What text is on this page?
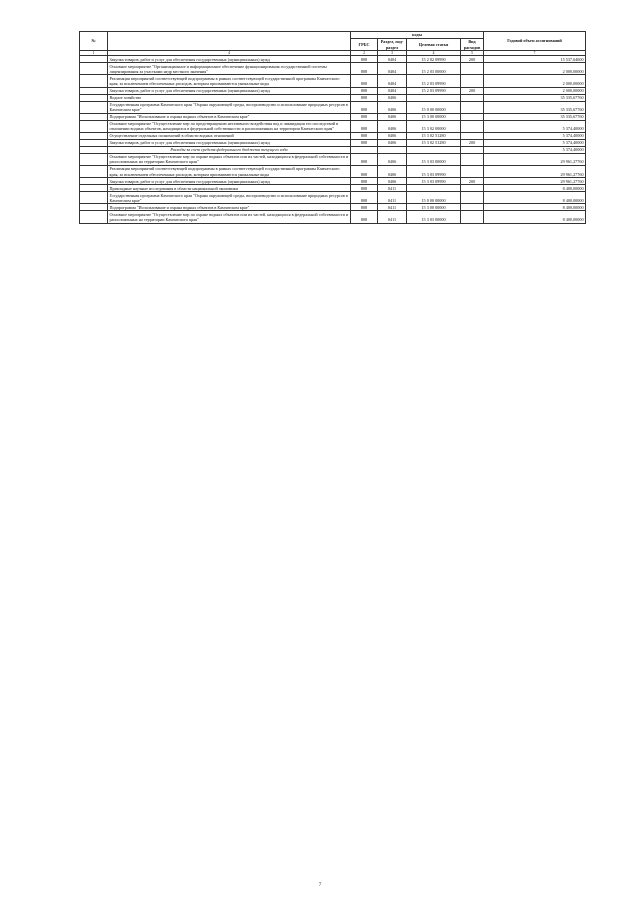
№		коды				Годовой объем ассигнований
		ГРБС	Раздел, под-раздел	Целевая статья	Вид расходов	
1	4	2	3	4	5	7
	Закупка товаров, работ и услуг для обеспечения государственных (муниципальных) нужд	808	0404	15 2 02 09990	200	15 537,64600
	Основное мероприятие "Организационное и информационное обеспечение функционирования государственной системы лицензирования за участками недр местного значения"	808	0404	15 2 03 00000		2 000,00000
	Реализация мероприятий соответствующей подпрограммы в рамках соответствующей государственной программы Камчатского края, за исключением обеспеченных расходов, которым присваиваются уникальные коды	808	0404	15 2 03 09990		2 000,00000
	Закупка товаров, работ и услуг для обеспечения государственных (муниципальных) нужд	808	0404	15 2 03 09990	200	2 000,00000
	Водное хозяйство	808	0406			35 335,67760
	Государственная программа Камчатского края "Охрана окружающей среды, воспроизводство и использование природных ресурсов в Камчатском крае"	808	0406	15 0 00 00000		35 335,67760
	Подпрограмма "Использование и охрана водных объектов в Камчатском крае"	808	0406	15 3 00 00000		35 335,67760
	Основное мероприятие "Осуществление мер по предотвращению негативного воздействия вод и ликвидации его последствий в отношении водных объектов, находящихся в федеральной собственности и расположенных на территории Камчатского края"	808	0406	15 3 02 00000		5 374,40000
	Осуществление отдельных полномочий в области водных отношений	808	0406	15 3 02 51280		5 374,40000
	Закупка товаров, работ и услуг для обеспечения государственных (муниципальных) нужд	808	0406	15 3 02 51280	200	5 374,40000
	Расходы за счет средств федерального бюджета текущего года					5 374,40000
	Основное мероприятие "Осуществление мер по охране водных объектов или их частей, находящихся в федеральной собственности и расположенных на территории Камчатского края"	808	0406	15 3 03 00000		29 961,27760
	Реализация мероприятий соответствующей подпрограммы в рамках соответствующей государственной программы Камчатского края, за исключением обеспеченных расходов, которым присваиваются уникальные коды	808	0406	15 3 03 09990		29 961,27760
	Закупка товаров, работ и услуг для обеспечения государственных (муниципальных) нужд	808	0406	15 3 03 09990	200	29 961,27760
	Прикладные научные исследования в области национальной экономики	808	0411			8 400,00000
	Государственная программа Камчатского края "Охрана окружающей среды, воспроизводство и использование природных ресурсов в Камчатском крае"	808	0411	15 0 00 00000		8 400,00000
	Подпрограмма "Использование и охрана водных объектов в Камчатском крае"	808	0411	15 3 00 00000		8 400,00000
	Основное мероприятие "Осуществление мер по охране водных объектов или их частей, находящихся в федеральной собственности и расположенных на территории Камчатского края"	808	0411	15 3 03 00000		8 400,00000
7
